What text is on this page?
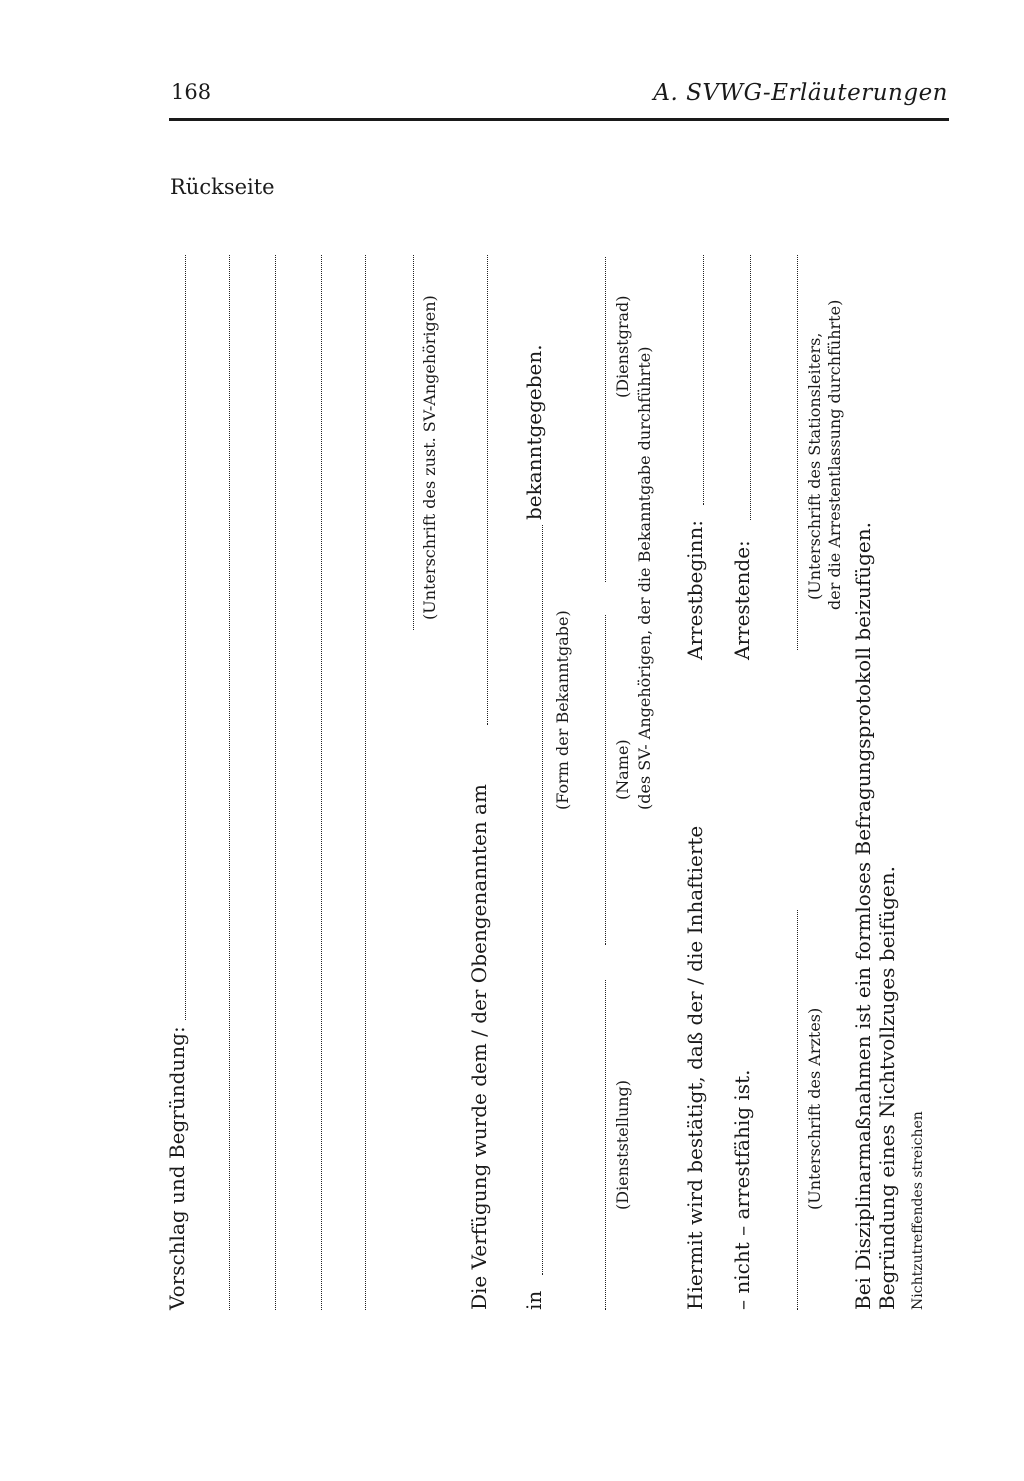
168	A. SVWG-Erläuterungen
Rückseite
Vorschlag und Begründung:
(Unterschrift des zust. SV-Angehörigen)
Die Verfügung wurde dem / der Obengenannten am in
bekanntgegeben.
(Form der Bekanntgabe)
(Dienststellung)
(Name)
(Dienstgrad) (des SV- Angehörigen, der die Bekanntgabe durchführte)
Hiermit wird bestätigt, daß der / die Inhaftierte
Arrestbeginn:
– nicht – arrestfähig ist.
Arrestende:
(Unterschrift des Arztes)
(Unterschrift des Stationsleiters, der die Arrestentlassung durchführte)
Bei Disziplinarmaßnahmen ist ein formloses Befragungsprotokoll beizufügen. Begründung eines Nichtvollzuges beifügen. Nichtzutreffendes streichen
